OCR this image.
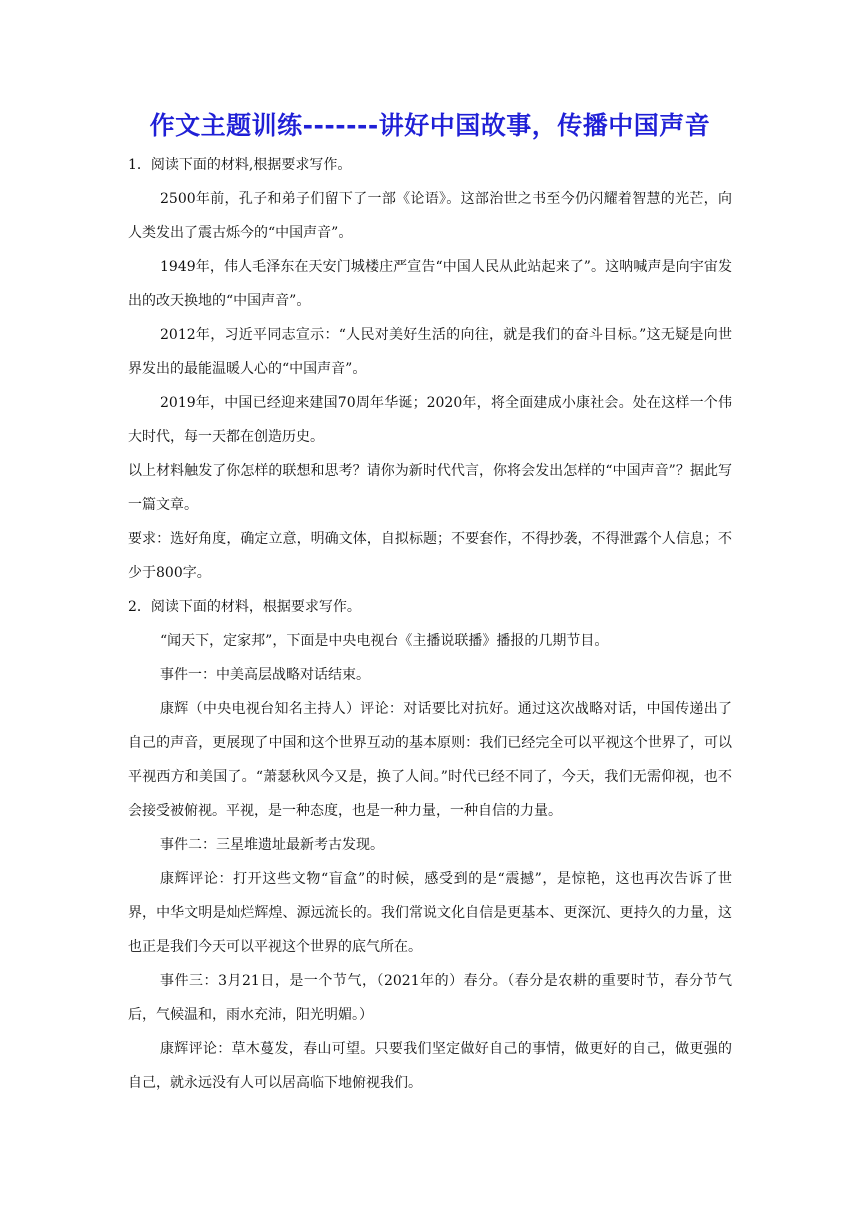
作文主题训练-------讲好中国故事，传播中国声音

1．阅读下面的材料,根据要求写作。

2500年前，孔子和弟子们留下了一部《论语》。这部治世之书至今仍闪耀着智慧的光芒，向人类发出了震古烁今的“中国声音”。

1949年，伟人毛泽东在天安门城楼庄严宣告“中国人民从此站起来了”。这呐喊声是向宇宙发出的改天换地的“中国声音”。

2012年，习近平同志宣示：“人民对美好生活的向往，就是我们的奋斗目标。”这无疑是向世界发出的最能温暖人心的“中国声音”。

2019年，中国已经迎来建国70周年华诞；2020年，将全面建成小康社会。处在这样一个伟大时代，每一天都在创造历史。

以上材料触发了你怎样的联想和思考？请你为新时代代言，你将会发出怎样的“中国声音”？据此写一篇文章。

要求：选好角度，确定立意，明确文体，自拟标题；不要套作，不得抄袭，不得泄露个人信息；不少于800字。

2．阅读下面的材料，根据要求写作。

“闻天下，定家邦”，下面是中央电视台《主播说联播》播报的几期节目。

事件一：中美高层战略对话结束。

康辉（中央电视台知名主持人）评论：对话要比对抗好。通过这次战略对话，中国传递出了自己的声音，更展现了中国和这个世界互动的基本原则：我们已经完全可以平视这个世界了，可以平视西方和美国了。“萧瑟秋风今又是，换了人间。”时代已经不同了，今天，我们无需仰视，也不会接受被俯视。平视，是一种态度，也是一种力量，一种自信的力量。

事件二：三星堆遗址最新考古发现。

康辉评论：打开这些文物“盲盒”的时候，感受到的是“震撼”，是惊艳，这也再次告诉了世界，中华文明是灿烂辉煌、源远流长的。我们常说文化自信是更基本、更深沉、更持久的力量，这也正是我们今天可以平视这个世界的底气所在。

事件三：3月21日，是一个节气，（2021年的）春分。（春分是农耕的重要时节，春分节气后，气候温和，雨水充沛，阳光明媚。）

康辉评论：草木蔓发，春山可望。只要我们坚定做好自己的事情，做更好的自己，做更强的自己，就永远没有人可以居高临下地俯视我们。
